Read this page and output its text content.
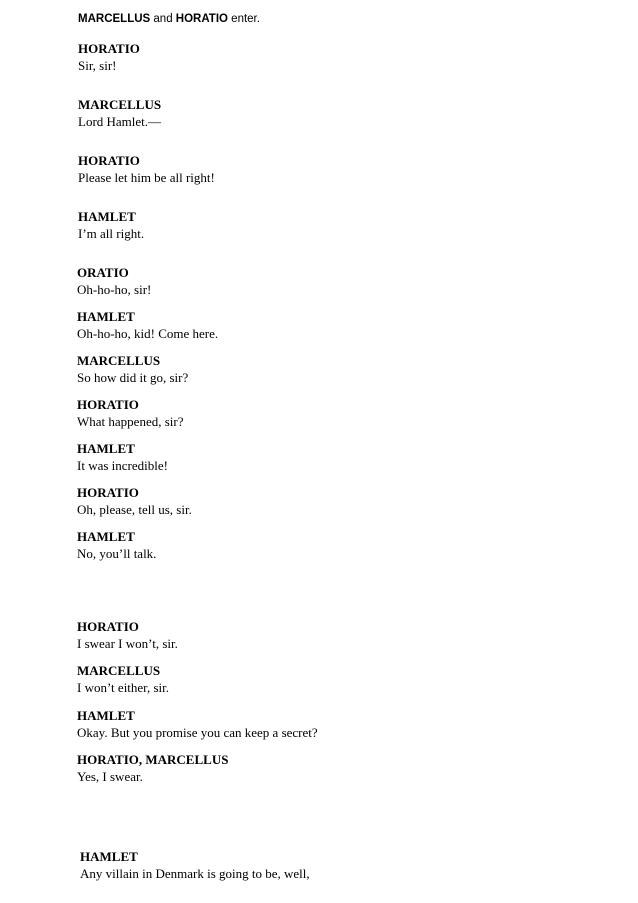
MARCELLUS and HORATIO enter.
HORATIO
Sir, sir!
MARCELLUS
Lord Hamlet.—
HORATIO
Please let him be all right!
HAMLET
I’m all right.
ORATIO
Oh-ho-ho, sir!
HAMLET
Oh-ho-ho, kid! Come here.
MARCELLUS
So how did it go, sir?
HORATIO
What happened, sir?
HAMLET
It was incredible!
HORATIO
Oh, please, tell us, sir.
HAMLET
No, you’ll talk.
HORATIO
I swear I won’t, sir.
MARCELLUS
I won’t either, sir.
HAMLET
Okay. But you promise you can keep a secret?
HORATIO, MARCELLUS
Yes, I swear.
HAMLET
Any villain in Denmark is going to be, well,
